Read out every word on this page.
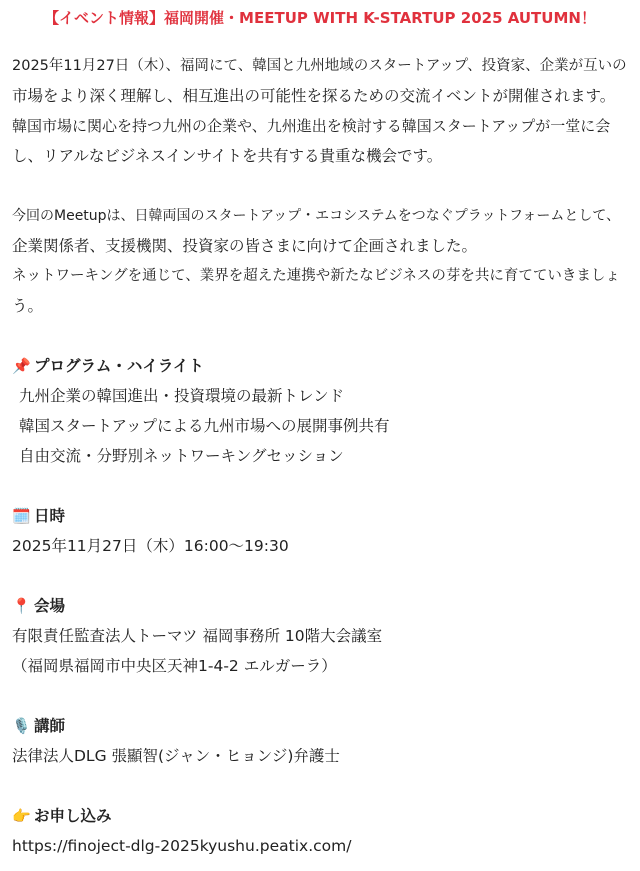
【イベント情報】福岡開催・MEETUP WITH K-STARTUP 2025 AUTUMN！
2025年11月27日（木）、福岡にて、韓国と九州地域のスタートアップ、投資家、企業が互いの
市場をより深く理解し、相互進出の可能性を探るための交流イベントが開催されます。
韓国市場に関心を持つ九州の企業や、九州進出を検討する韓国スタートアップが一堂に会
し、リアルなビジネスインサイトを共有する貴重な機会です。
今回のMeetupは、日韓両国のスタートアップ・エコシステムをつなぐプラットフォームとして、
企業関係者、支援機関、投資家の皆さまに向けて企画されました。
ネットワーキングを通じて、業界を超えた連携や新たなビジネスの芽を共に育てていきましょ
う。
📌 プログラム・ハイライト
九州企業の韓国進出・投資環境の最新トレンド
韓国スタートアップによる九州市場への展開事例共有
自由交流・分野別ネットワーキングセッション
🗓️ 日時
2025年11月27日（木）16:00〜19:30
📍 会場
有限責任監査法人トーマツ 福岡事務所 10階大会議室
（福岡県福岡市中央区天神1-4-2 エルガーラ）
🎙️ 講師
法律法人DLG 張顯智(ジャン・ヒョンジ)弁護士
👉 お申し込み
https://finoject-dlg-2025kyushu.peatix.com/
